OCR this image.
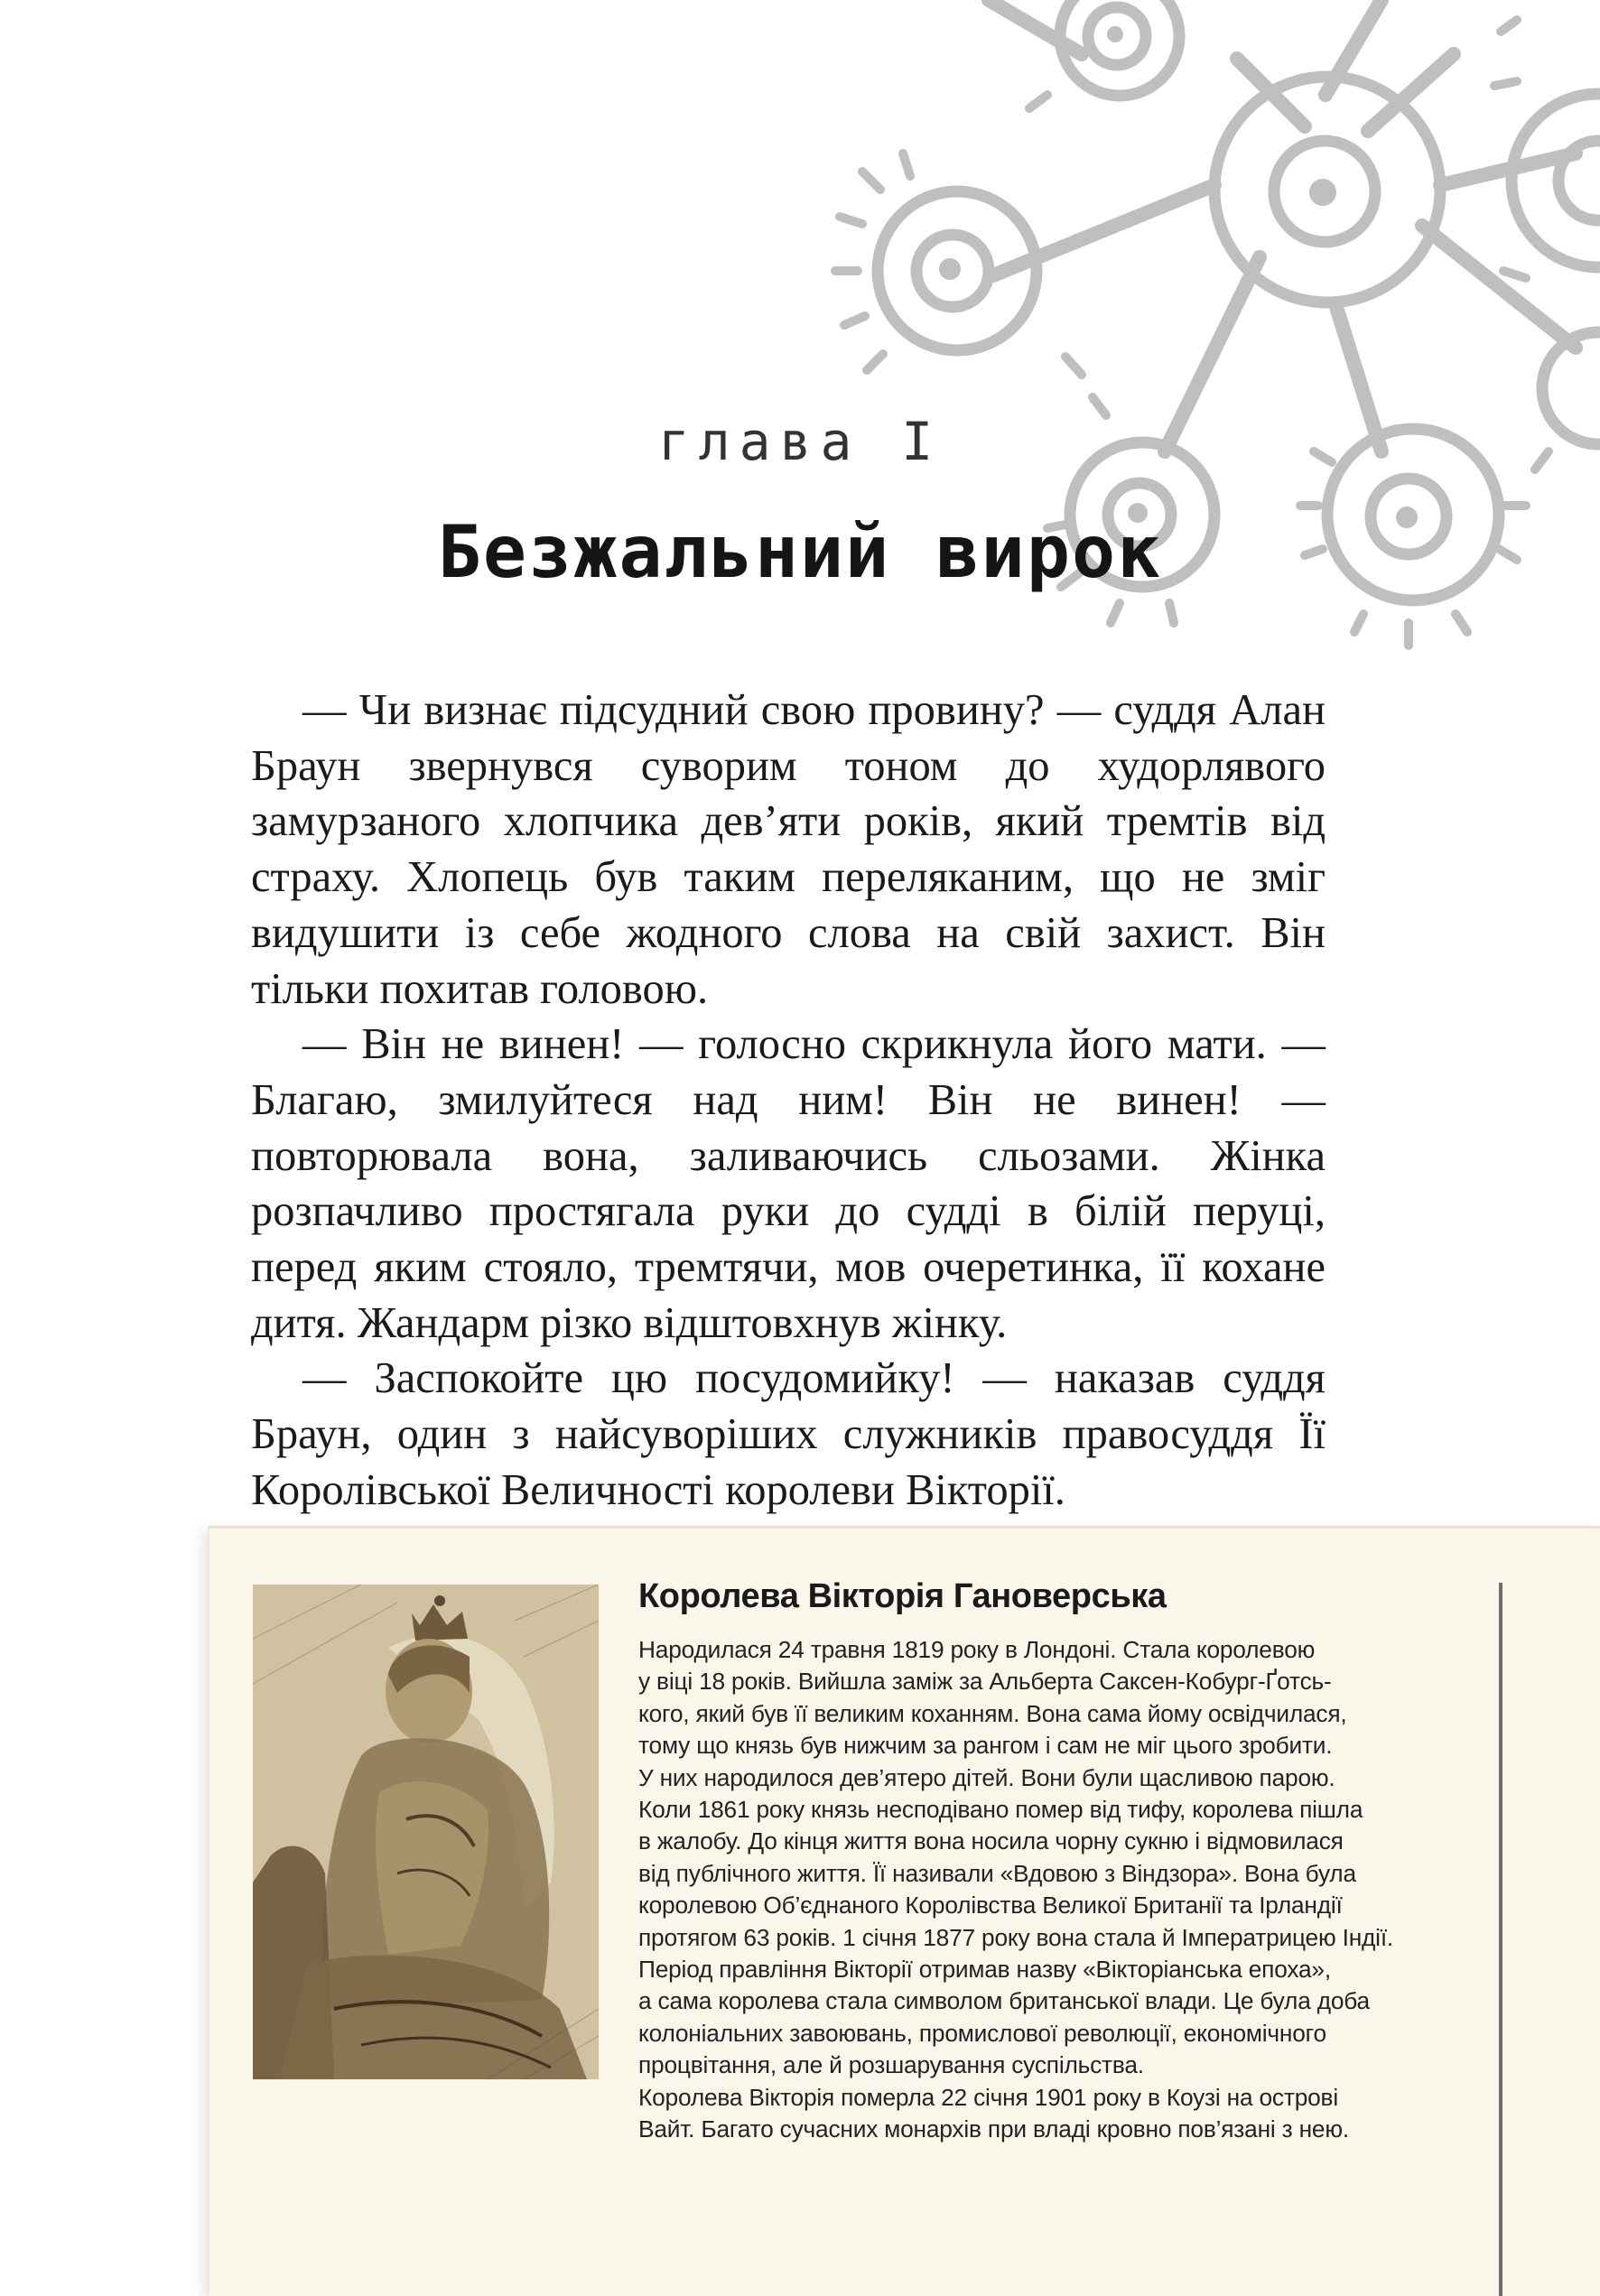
глава I
Безжальний вирок

— Чи визнає підсудний свою провину? — суддя Алан Браун звернувся суворим тоном до худорлявого замурзаного хлопчика дев’яти років, який тремтів від страху. Хлопець був таким переляканим, що не зміг видушити із себе жодного слова на свій захист. Він тільки похитав головою.

— Він не винен! — голосно скрикнула його мати. — Благаю, змилуйтеся над ним! Він не винен! — повторювала вона, заливаючись сльозами. Жінка розпачливо простягала руки до судді в білій перуці, перед яким стояло, тремтячи, мов очеретинка, її кохане дитя. Жандарм різко відштовхнув жінку.

— Заспокойте цю посудомийку! — наказав суддя Браун, один з найсуворіших служників правосуддя Її Королівської Величності королеви Вікторії.

Королева Вікторія Гановерська
Народилася 24 травня 1819 року в Лондоні. Стала королевою
у віці 18 років. Вийшла заміж за Альберта Саксен-Кобург-Ґотсь-
кого, який був її великим коханням. Вона сама йому освідчилася,
тому що князь був нижчим за рангом і сам не міг цього зробити.
У них народилося дев’ятеро дітей. Вони були щасливою парою.
Коли 1861 року князь несподівано помер від тифу, королева пішла
в жалобу. До кінця життя вона носила чорну сукню і відмовилася
від публічного життя. Її називали «Вдовою з Віндзора». Вона була
королевою Об’єднаного Королівства Великої Британії та Ірландії
протягом 63 років. 1 січня 1877 року вона стала й Імператрицею Індії.
Період правління Вікторії отримав назву «Вікторіанська епоха»,
а сама королева стала символом британської влади. Це була доба
колоніальних завоювань, промислової революції, економічного
процвітання, але й розшарування суспільства.
Королева Вікторія померла 22 січня 1901 року в Коузі на острові
Вайт. Багато сучасних монархів при владі кровно пов’язані з нею.
